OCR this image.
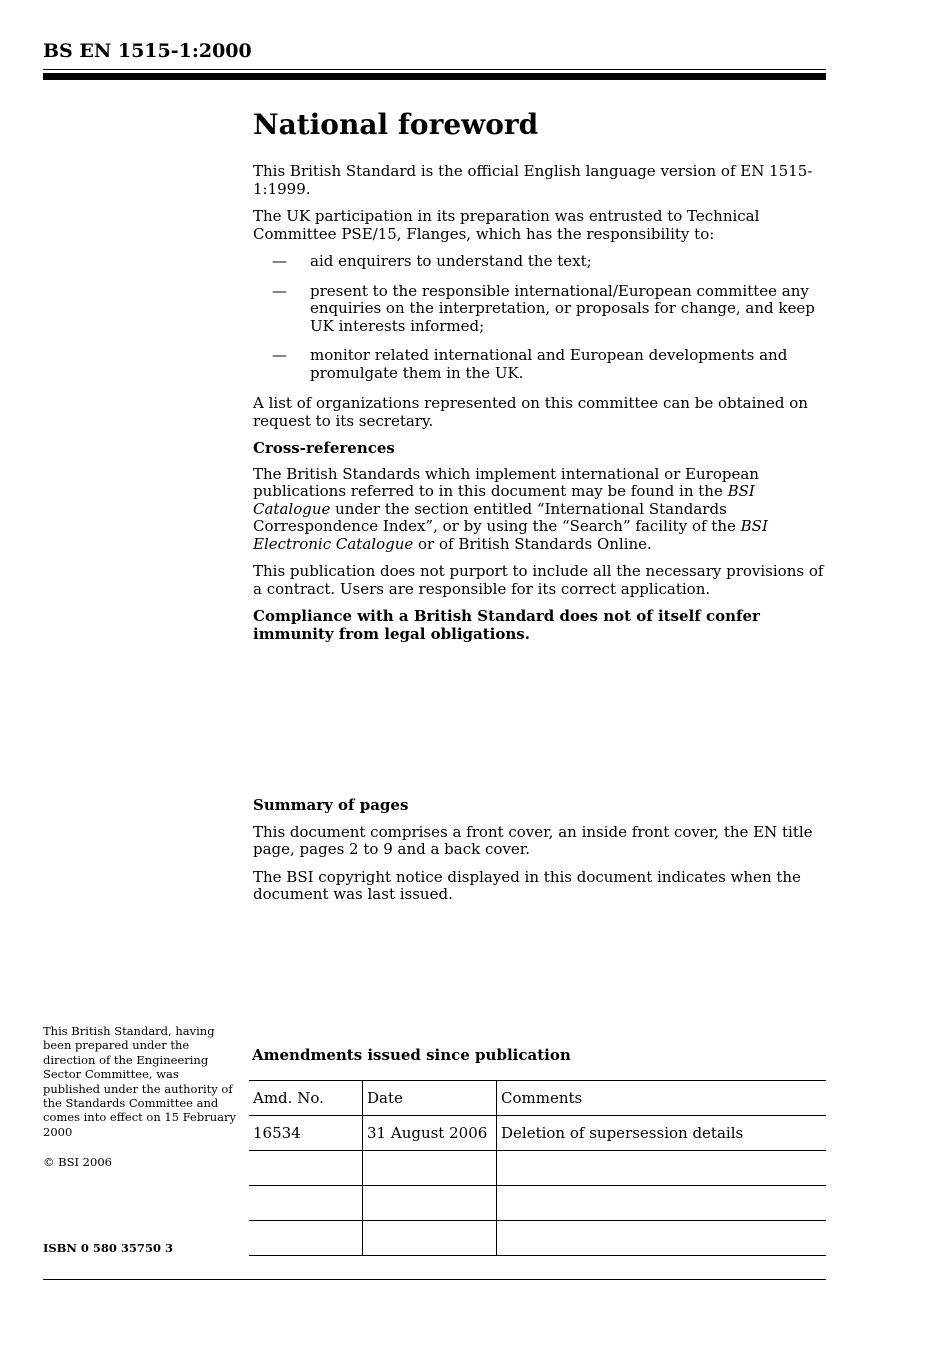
BS EN 1515-1:2000
National foreword

This British Standard is the official English language version of EN 1515-1:1999.

The UK participation in its preparation was entrusted to Technical Committee PSE/15, Flanges, which has the responsibility to:

— aid enquirers to understand the text;
— present to the responsible international/European committee any enquiries on the interpretation, or proposals for change, and keep UK interests informed;
— monitor related international and European developments and promulgate them in the UK.

A list of organizations represented on this committee can be obtained on request to its secretary.

Cross-references

The British Standards which implement international or European publications referred to in this document may be found in the BSI Catalogue under the section entitled “International Standards Correspondence Index”, or by using the “Search” facility of the BSI Electronic Catalogue or of British Standards Online.

This publication does not purport to include all the necessary provisions of a contract. Users are responsible for its correct application.

Compliance with a British Standard does not of itself confer immunity from legal obligations.

Summary of pages

This document comprises a front cover, an inside front cover, the EN title page, pages 2 to 9 and a back cover.

The BSI copyright notice displayed in this document indicates when the document was last issued.

This British Standard, having been prepared under the direction of the Engineering Sector Committee, was published under the authority of the Standards Committee and comes into effect on 15 February 2000
© BSI 2006
ISBN 0 580 35750 3
Amendments issued since publication
Amd. No.	Date	Comments
16534	31 August 2006	Deletion of supersession details
